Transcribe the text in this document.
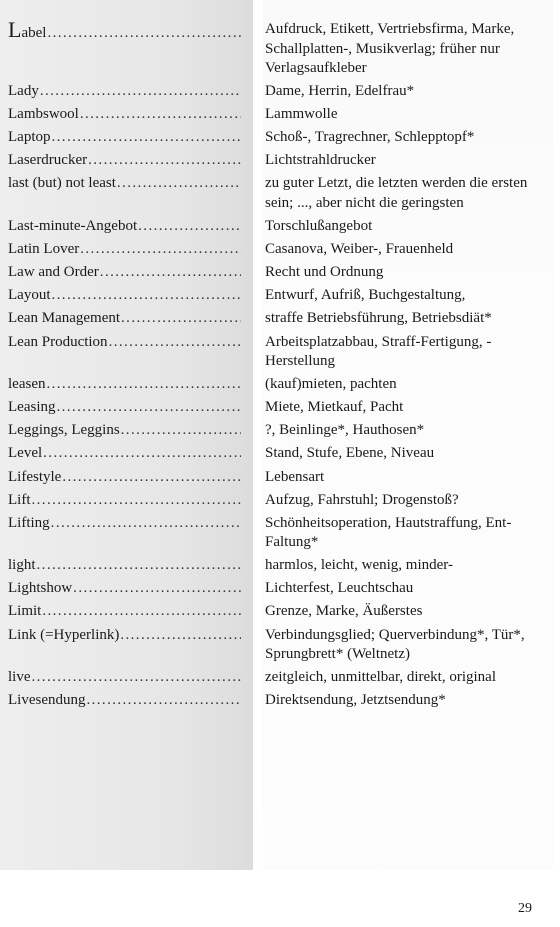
Label .....	Aufdruck, Etikett, Vertriebsfirma, Marke, Schallplatten-, Musikverlag; früher nur Verlagsaufkleber
Lady .....	Dame, Herrin, Edelfrau*
Lambswool .....	Lammwolle
Laptop .....	Schoß-, Tragrechner, Schlepptopf*
Laserdrucker .....	Lichtstrahldrucker
last (but) not least .....	zu guter Letzt, die letzten werden die ersten sein; ..., aber nicht die geringsten
Last-minute-Angebot .....	Torschlußangebot
Latin Lover .....	Casanova, Weiber-, Frauenheld
Law and Order .....	Recht und Ordnung
Layout .....	Entwurf, Aufriß, Buchgestaltung,
Lean Management .....	straffe Betriebsführung, Betriebsdiät*
Lean Production .....	Arbeitsplatzabbau, Straff-Fertigung, -Herstellung
leasen .....	(kauf)mieten, pachten
Leasing .....	Miete, Mietkauf, Pacht
Leggings, Leggins .....	?, Beinlinge*, Hauthosen*
Level .....	Stand, Stufe, Ebene, Niveau
Lifestyle .....	Lebensart
Lift .....	Aufzug, Fahrstuhl; Drogenstoß?
Lifting .....	Schönheitsoperation, Hautstraffung, Ent-Faltung*
light .....	harmlos, leicht, wenig, minder-
Lightshow .....	Lichterfest, Leuchtschau
Limit .....	Grenze, Marke, Äußerstes
Link (=Hyperlink) .....	Verbindungsglied; Querverbindung*, Tür*, Sprungbrett* (Weltnetz)
live .....	zeitgleich, unmittelbar, direkt, original
Livesendung .....	Direktsendung, Jetztsendung*
29
